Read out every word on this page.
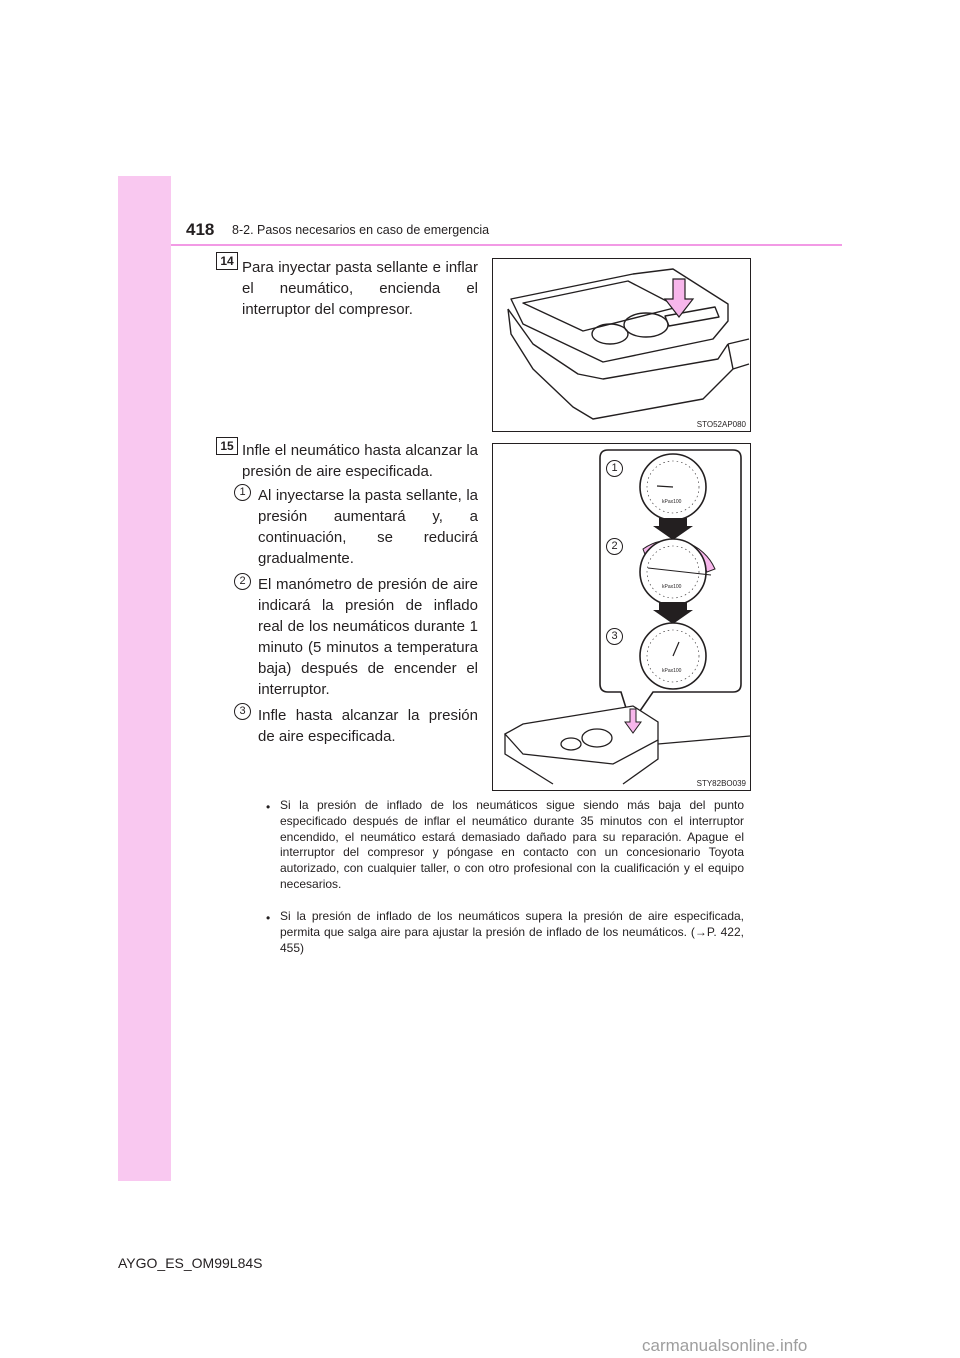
418 8-2. Pasos necesarios en caso de emergencia
14 Para inyectar pasta sellante e inflar el neumático, encienda el interruptor del compresor.
STO52AP080
15 Infle el neumático hasta alcanzar la presión de aire especificada.
1 Al inyectarse la pasta sellante, la presión aumentará y, a continuación, se reducirá gradualmente.
2 El manómetro de presión de aire indicará la presión de inflado real de los neumáticos durante 1 minuto (5 minutos a temperatura baja) después de encender el interruptor.
3 Infle hasta alcanzar la presión de aire especificada.
1
2
3
kPax100
kPax100
kPax100
STY82BO039
• Si la presión de inflado de los neumáticos sigue siendo más baja del punto especificado después de inflar el neumático durante 35 minutos con el interruptor encendido, el neumático estará demasiado dañado para su reparación. Apague el interruptor del compresor y póngase en contacto con un concesionario Toyota autorizado, con cualquier taller, o con otro profesional con la cualificación y el equipo necesarios.
• Si la presión de inflado de los neumáticos supera la presión de aire especificada, permita que salga aire para ajustar la presión de inflado de los neumáticos. (→P. 422, 455)
AYGO_ES_OM99L84S
carmanualsonline.info
